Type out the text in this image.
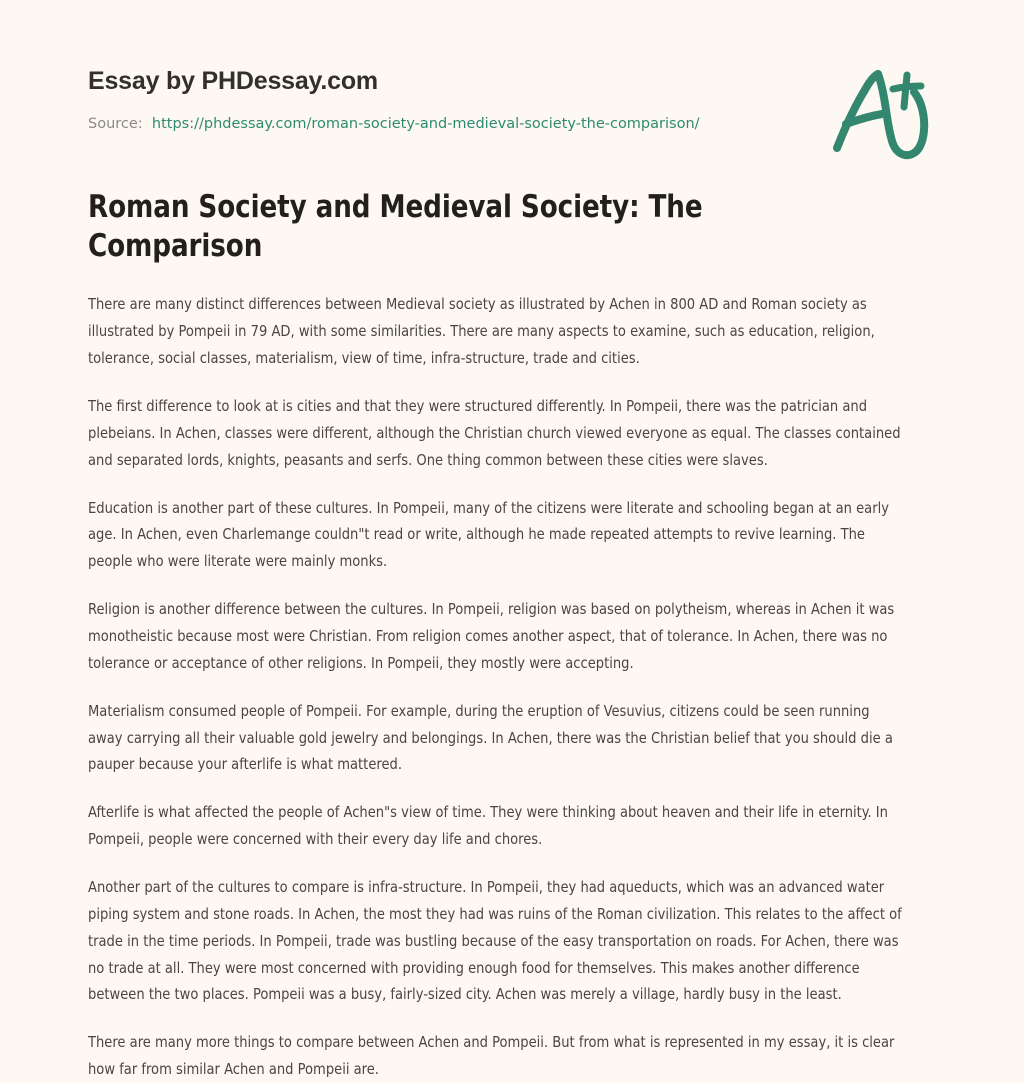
Essay by PHDessay.com
Source: https://phdessay.com/roman-society-and-medieval-society-the-comparison/
Roman Society and Medieval Society: The Comparison

There are many distinct differences between Medieval society as illustrated by Achen in 800 AD and Roman society as illustrated by Pompeii in 79 AD, with some similarities. There are many aspects to examine, such as education, religion, tolerance, social classes, materialism, view of time, infra-structure, trade and cities.

The first difference to look at is cities and that they were structured differently. In Pompeii, there was the patrician and plebeians. In Achen, classes were different, although the Christian church viewed everyone as equal. The classes contained and separated lords, knights, peasants and serfs. One thing common between these cities were slaves.

Education is another part of these cultures. In Pompeii, many of the citizens were literate and schooling began at an early age. In Achen, even Charlemange couldn"t read or write, although he made repeated attempts to revive learning. The people who were literate were mainly monks.

Religion is another difference between the cultures. In Pompeii, religion was based on polytheism, whereas in Achen it was monotheistic because most were Christian. From religion comes another aspect, that of tolerance. In Achen, there was no tolerance or acceptance of other religions. In Pompeii, they mostly were accepting.

Materialism consumed people of Pompeii. For example, during the eruption of Vesuvius, citizens could be seen running away carrying all their valuable gold jewelry and belongings. In Achen, there was the Christian belief that you should die a pauper because your afterlife is what mattered.

Afterlife is what affected the people of Achen"s view of time. They were thinking about heaven and their life in eternity. In Pompeii, people were concerned with their every day life and chores.

Another part of the cultures to compare is infra-structure. In Pompeii, they had aqueducts, which was an advanced water piping system and stone roads. In Achen, the most they had was ruins of the Roman civilization. This relates to the affect of trade in the time periods. In Pompeii, trade was bustling because of the easy transportation on roads. For Achen, there was no trade at all. They were most concerned with providing enough food for themselves. This makes another difference between the two places. Pompeii was a busy, fairly-sized city. Achen was merely a village, hardly busy in the least.

There are many more things to compare between Achen and Pompeii. But from what is represented in my essay, it is clear how far from similar Achen and Pompeii are.
